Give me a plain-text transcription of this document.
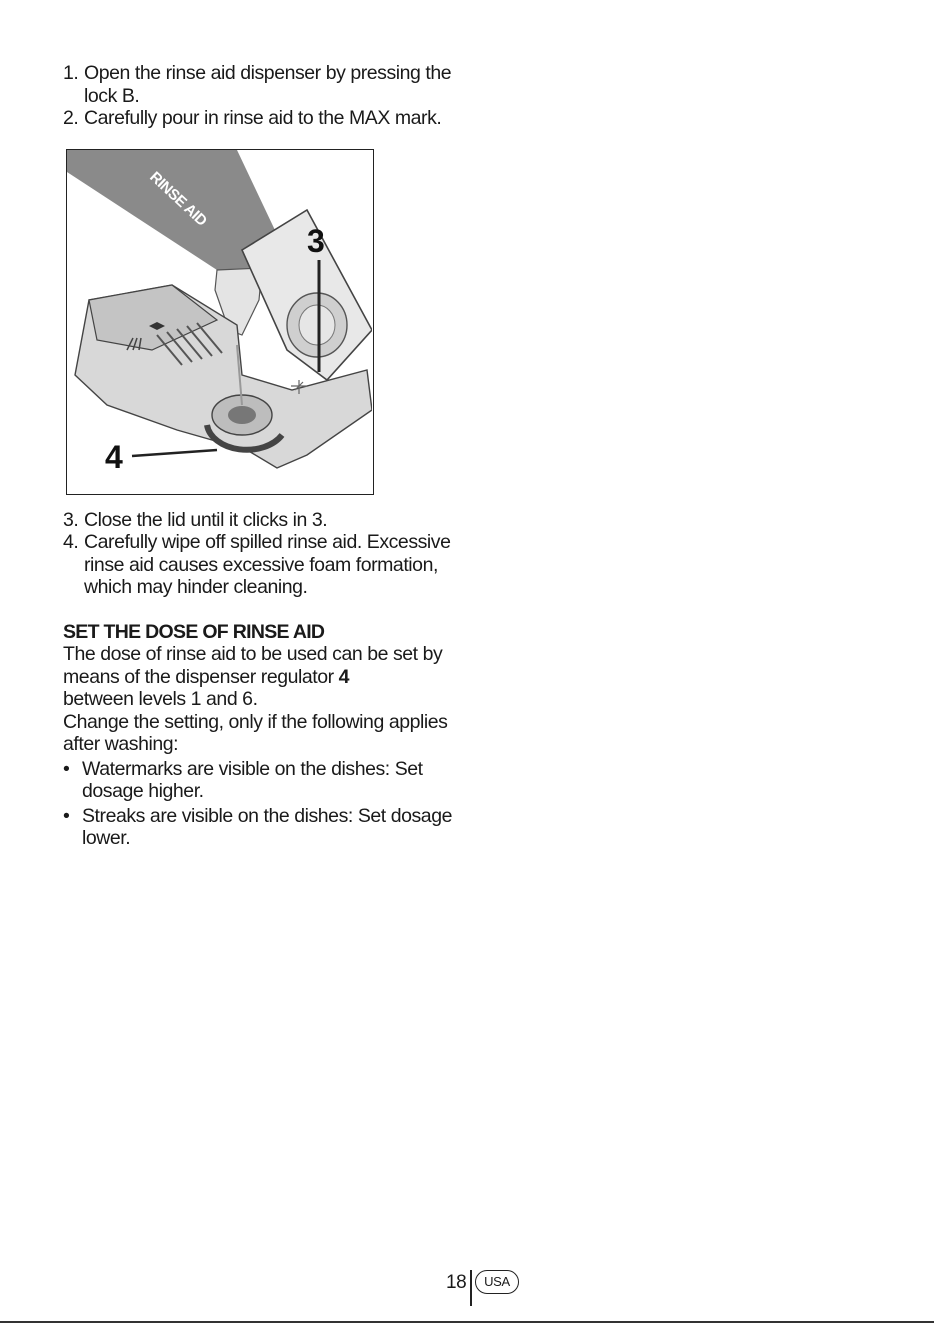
1. Open the rinse aid dispenser by pressing the lock B.
2. Carefully pour in rinse aid to the MAX mark.
RINSE AID
3
4
3. Close the lid until it clicks in 3.
4. Carefully wipe off spilled rinse aid. Excessive rinse aid causes excessive foam formation, which may hinder cleaning.
SET THE DOSE OF RINSE AID
The dose of rinse aid to be used can be set by means of the dispenser regulator 4
between levels 1 and 6.
Change the setting, only if the following applies after washing:
• Watermarks are visible on the dishes: Set dosage higher.
• Streaks are visible on the dishes: Set dosage lower.
18	USA
